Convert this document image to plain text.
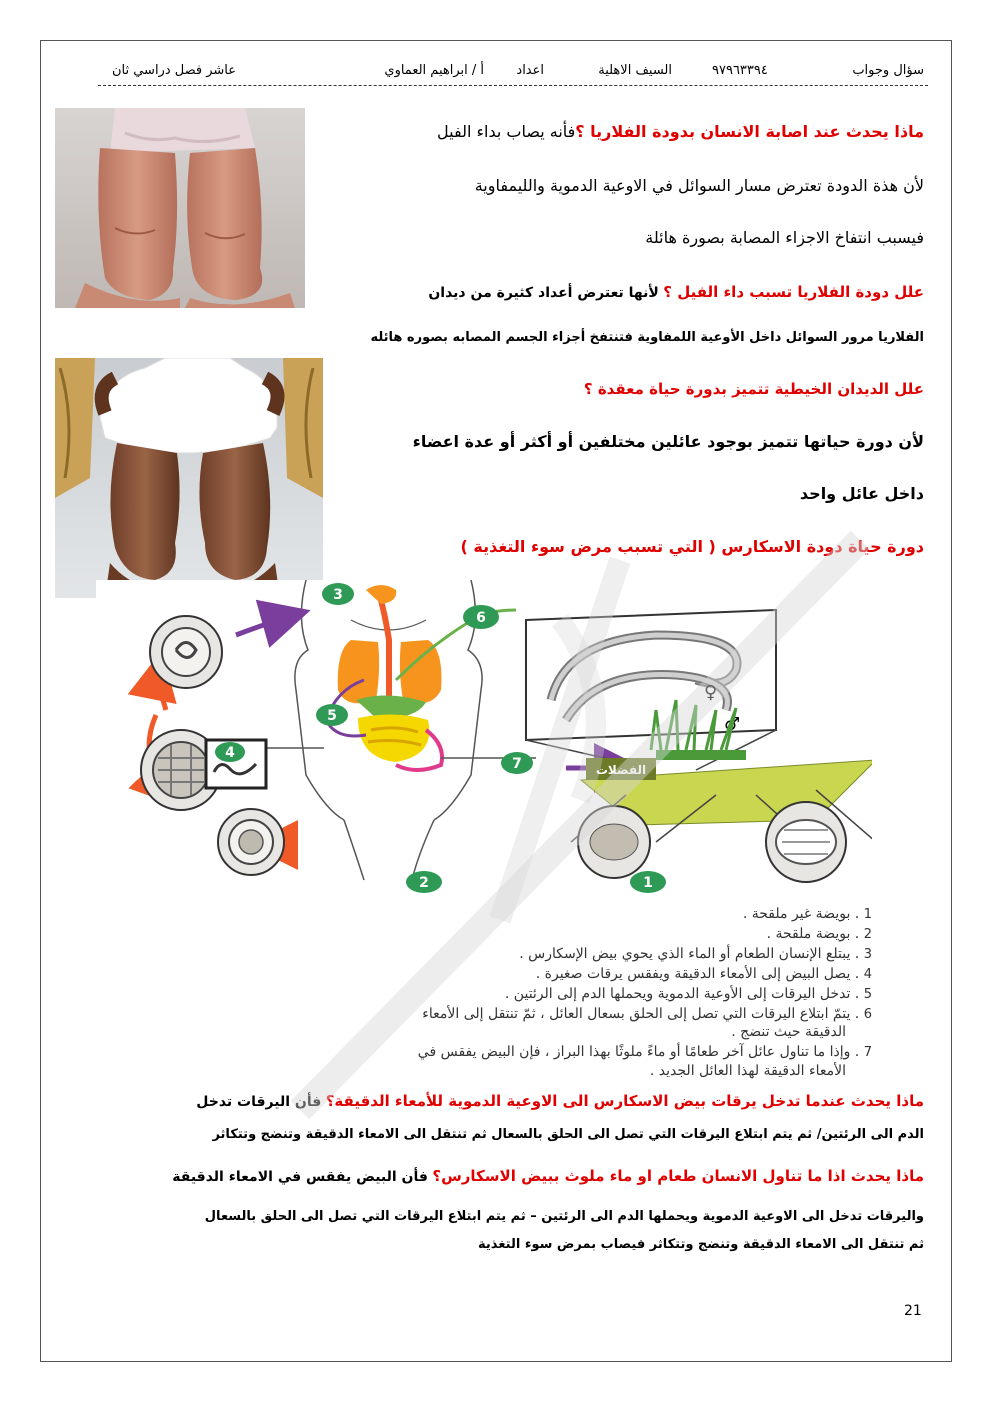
سؤال وجواب
٩٧٩٦٣٣٩٤
السيف الاهلية
اعداد
أ / ابراهيم العماوي
عاشر فصل دراسي ثان
ماذا يحدث عند اصابة الانسان بدودة الفلاريا ؟فأنه يصاب بداء الفيل
لأن هذة الدودة تعترض مسار السوائل في الاوعية الدموية والليمفاوية
فيسبب انتفاخ الاجزاء المصابة بصورة هائلة
علل دودة الفلاريا تسبب داء الفيل ؟ لأنها تعترض أعداد كثيرة من ديدان
الفلاريا مرور السوائل داخل الأوعية اللمفاوية فتنتفخ أجزاء الجسم المصابه بصوره هائله
علل الديدان الخيطية تتميز بدورة حياة معقدة ؟
لأن دورة حياتها تتميز بوجود عائلين مختلفين أو أكثر أو عدة اعضاء
داخل عائل واحد
دورة حياة دودة الاسكارس ( التي تسبب مرض سوء التغذية )
♀
♂
الفضلات
3
6
5
4
7
2	1
1 . بويضة غير ملقحة .
2 . بويضة ملقحة .
3 . يبتلع الإنسان الطعام أو الماء الذي يحوي بيض الإسكارس .
4 . يصل البيض إلى الأمعاء الدقيقة ويفقس يرقات صغيرة .
5 . تدخل اليرقات إلى الأوعية الدموية ويحملها الدم إلى الرئتين .
6 . يتمّ ابتلاع اليرقات التي تصل إلى الحلق بسعال العائل ، ثمّ تنتقل إلى الأمعاء
الدقيقة حيث تنضج .
7 . وإذا ما تناول عائل آخر طعامًا أو ماءً ملوثًا بهذا البراز ، فإن البيض يفقس في
الأمعاء الدقيقة لهذا العائل الجديد .
ماذا يحدث عندما تدخل يرقات بيض الاسكارس الى الاوعية الدموية للأمعاء الدقيقة؟ فأن اليرقات تدخل
الدم الى الرئتين/ ثم يتم ابتلاع اليرقات التي تصل الى الحلق بالسعال ثم تنتقل الى الامعاء الدقيقة وتنضج وتتكاثر
ماذا يحدث اذا ما تناول الانسان طعام او ماء ملوث ببيض الاسكارس؟ فأن البيض يفقس في الامعاء الدقيقة
واليرقات تدخل الى الاوعية الدموية ويحملها الدم الى الرئتين – ثم يتم ابتلاع اليرقات التي تصل الى الحلق بالسعال
ثم تنتقل الى الامعاء الدقيقة وتنضج وتتكاثر فيصاب بمرض سوء التغذية
21
